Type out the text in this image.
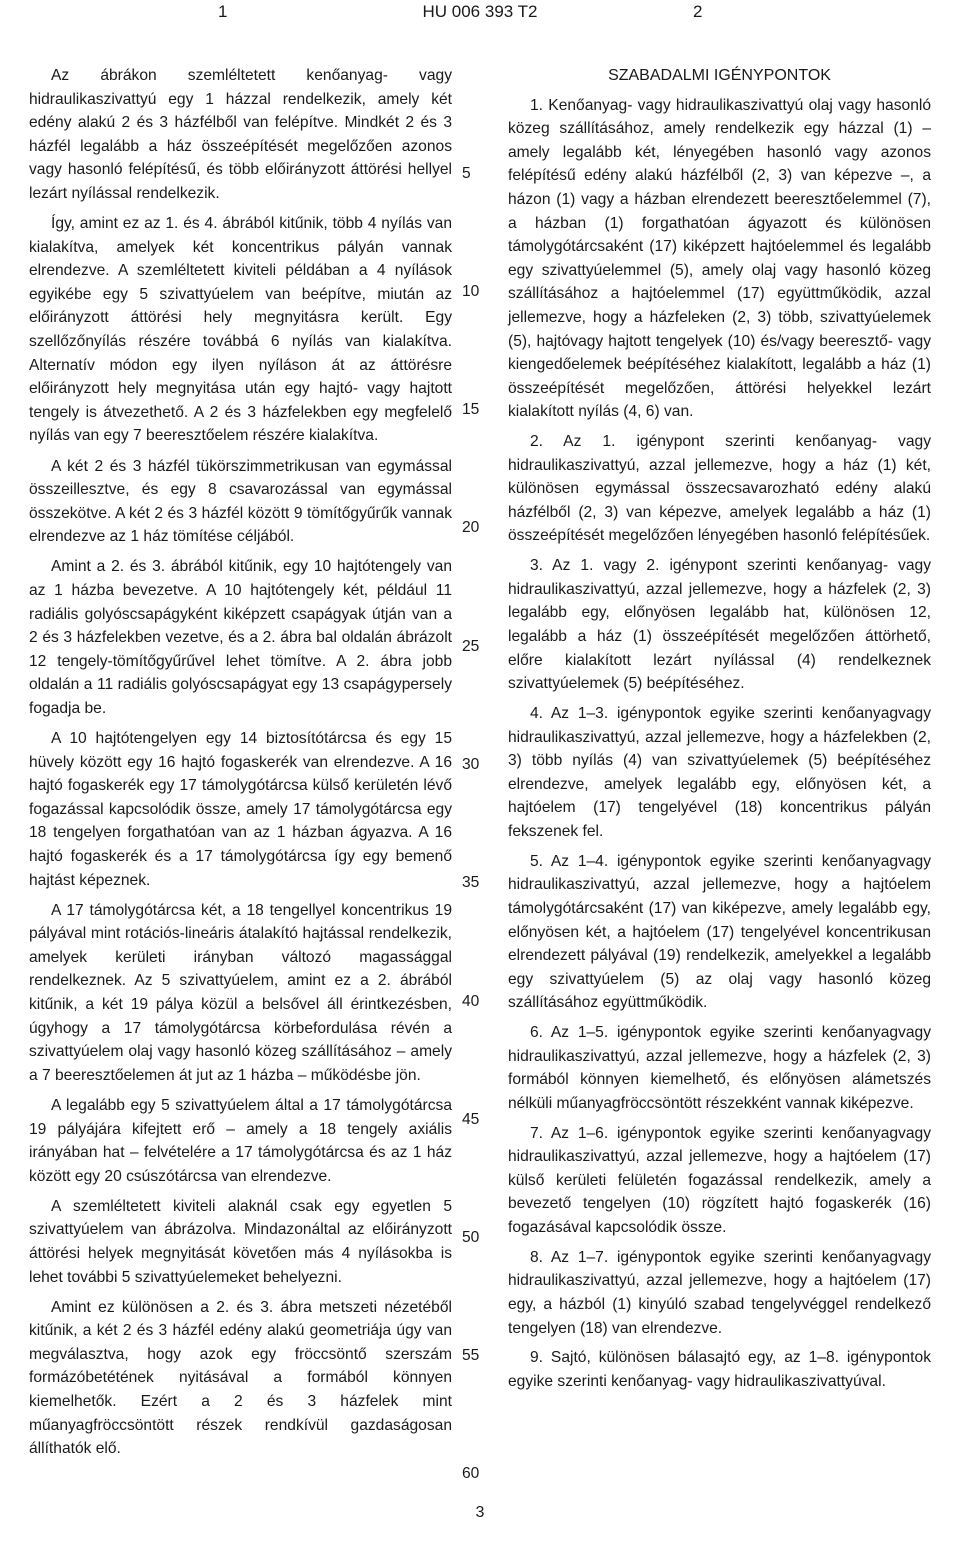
1	HU 006 393 T2	2

Az ábrákon szemléltetett kenőanyag- vagy hidraulikaszivattyú egy 1 házzal rendelkezik, amely két edény alakú 2 és 3 házfélből van felépítve. Mindkét 2 és 3 házfél legalább a ház összeépítését megelőzően azonos vagy hasonló felépítésű, és több előirányzott áttörési hellyel lezárt nyílással rendelkezik.

Így, amint ez az 1. és 4. ábrából kitűnik, több 4 nyílás van kialakítva, amelyek két koncentrikus pályán vannak elrendezve. A szemléltetett kiviteli példában a 4 nyílások egyikébe egy 5 szivattyúelem van beépítve, miután az előirányzott áttörési hely megnyitásra került. Egy szellőzőnyílás részére továbbá 6 nyílás van kialakítva. Alternatív módon egy ilyen nyíláson át az áttörésre előirányzott hely megnyitása után egy hajtó- vagy hajtott tengely is átvezethető. A 2 és 3 házfelekben egy megfelelő nyílás van egy 7 beeresztőelem részére kialakítva.

A két 2 és 3 házfél tükörszimmetrikusan van egymással összeillesztve, és egy 8 csavarozással van egymással összekötve. A két 2 és 3 házfél között 9 tömítőgyűrűk vannak elrendezve az 1 ház tömítése céljából.

Amint a 2. és 3. ábrából kitűnik, egy 10 hajtótengely van az 1 házba bevezetve. A 10 hajtótengely két, például 11 radiális golyóscsapágyként kiképzett csapágyak útján van a 2 és 3 házfelekben vezetve, és a 2. ábra bal oldalán ábrázolt 12 tengely-tömítőgyűrűvel lehet tömítve. A 2. ábra jobb oldalán a 11 radiális golyóscsapágyat egy 13 csapágypersely fogadja be.

A 10 hajtótengelyen egy 14 biztosítótárcsa és egy 15 hüvely között egy 16 hajtó fogaskerék van elrendezve. A 16 hajtó fogaskerék egy 17 támolygótárcsa külső kerületén lévő fogazással kapcsolódik össze, amely 17 támolygótárcsa egy 18 tengelyen forgathatóan van az 1 házban ágyazva. A 16 hajtó fogaskerék és a 17 támolygótárcsa így egy bemenő hajtást képeznek.

A 17 támolygótárcsa két, a 18 tengellyel koncentrikus 19 pályával mint rotációs-lineáris átalakító hajtással rendelkezik, amelyek kerületi irányban változó magassággal rendelkeznek. Az 5 szivattyúelem, amint ez a 2. ábrából kitűnik, a két 19 pálya közül a belsővel áll érintkezésben, úgyhogy a 17 támolygótárcsa körbefordulása révén a szivattyúelem olaj vagy hasonló közeg szállításához – amely a 7 beeresztőelemen át jut az 1 házba – működésbe jön.

A legalább egy 5 szivattyúelem által a 17 támolygótárcsa 19 pályájára kifejtett erő – amely a 18 tengely axiális irányában hat – felvételére a 17 támolygótárcsa és az 1 ház között egy 20 csúszótárcsa van elrendezve.

A szemléltetett kiviteli alaknál csak egy egyetlen 5 szivattyúelem van ábrázolva. Mindazonáltal az előirányzott áttörési helyek megnyitását követően más 4 nyílásokba is lehet további 5 szivattyúelemeket behelyezni.

Amint ez különösen a 2. és 3. ábra metszeti nézetéből kitűnik, a két 2 és 3 házfél edény alakú geometriája úgy van megválasztva, hogy azok egy fröccsöntő szerszám formázóbetétének nyitásával a formából könnyen kiemelhetők. Ezért a 2 és 3 házfelek mint műanyagfröccsöntött részek rendkívül gazdaságosan állíthatók elő.

5
10
15
20
25
30
35
40
45
50
55
60

SZABADALMI IGÉNYPONTOK

1. Kenőanyag- vagy hidraulikaszivattyú olaj vagy hasonló közeg szállításához, amely rendelkezik egy házzal (1) – amely legalább két, lényegében hasonló vagy azonos felépítésű edény alakú házfélből (2, 3) van képezve –, a házon (1) vagy a házban elrendezett beeresztőelemmel (7), a házban (1) forgathatóan ágyazott és különösen támolygótárcsaként (17) kiképzett hajtóelemmel és legalább egy szivattyúelemmel (5), amely olaj vagy hasonló közeg szállításához a hajtóelemmel (17) együttműködik, azzal jellemezve, hogy a házfeleken (2, 3) több, szivattyúelemek (5), hajtóvagy hajtott tengelyek (10) és/vagy beeresztő- vagy kiengedőelemek beépítéséhez kialakított, legalább a ház (1) összeépítését megelőzően, áttörési helyekkel lezárt kialakított nyílás (4, 6) van.

2. Az 1. igénypont szerinti kenőanyag- vagy hidraulikaszivattyú, azzal jellemezve, hogy a ház (1) két, különösen egymással összecsavarozható edény alakú házfélből (2, 3) van képezve, amelyek legalább a ház (1) összeépítését megelőzően lényegében hasonló felépítésűek.

3. Az 1. vagy 2. igénypont szerinti kenőanyag- vagy hidraulikaszivattyú, azzal jellemezve, hogy a házfelek (2, 3) legalább egy, előnyösen legalább hat, különösen 12, legalább a ház (1) összeépítését megelőzően áttörhető, előre kialakított lezárt nyílással (4) rendelkeznek szivattyúelemek (5) beépítéséhez.

4. Az 1–3. igénypontok egyike szerinti kenőanyagvagy hidraulikaszivattyú, azzal jellemezve, hogy a házfelekben (2, 3) több nyílás (4) van szivattyúelemek (5) beépítéséhez elrendezve, amelyek legalább egy, előnyösen két, a hajtóelem (17) tengelyével (18) koncentrikus pályán fekszenek fel.

5. Az 1–4. igénypontok egyike szerinti kenőanyagvagy hidraulikaszivattyú, azzal jellemezve, hogy a hajtóelem támolygótárcsaként (17) van kiképezve, amely legalább egy, előnyösen két, a hajtóelem (17) tengelyével koncentrikusan elrendezett pályával (19) rendelkezik, amelyekkel a legalább egy szivattyúelem (5) az olaj vagy hasonló közeg szállításához együttműködik.

6. Az 1–5. igénypontok egyike szerinti kenőanyagvagy hidraulikaszivattyú, azzal jellemezve, hogy a házfelek (2, 3) formából könnyen kiemelhető, és előnyösen alámetszés nélküli műanyagfröccsöntött részekként vannak kiképezve.

7. Az 1–6. igénypontok egyike szerinti kenőanyagvagy hidraulikaszivattyú, azzal jellemezve, hogy a hajtóelem (17) külső kerületi felületén fogazással rendelkezik, amely a bevezető tengelyen (10) rögzített hajtó fogaskerék (16) fogazásával kapcsolódik össze.

8. Az 1–7. igénypontok egyike szerinti kenőanyagvagy hidraulikaszivattyú, azzal jellemezve, hogy a hajtóelem (17) egy, a házból (1) kinyúló szabad tengelyvéggel rendelkező tengelyen (18) van elrendezve.

9. Sajtó, különösen bálasajtó egy, az 1–8. igénypontok egyike szerinti kenőanyag- vagy hidraulikaszivattyúval.

3
